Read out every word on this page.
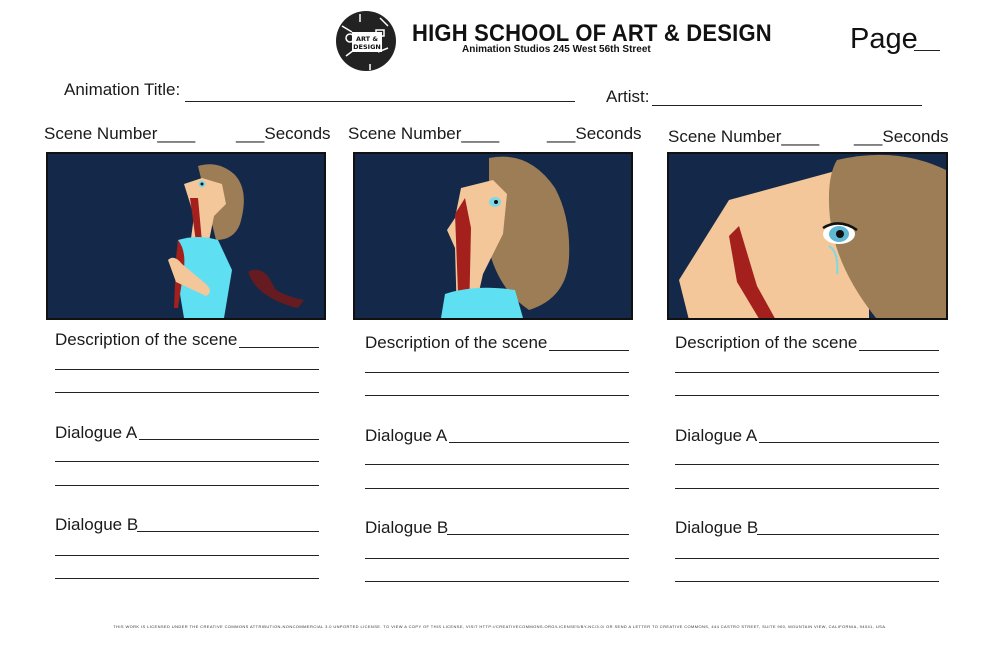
ART &
DESIGN
HIGH SCHOOL OF ART & DESIGN
Animation Studios 245 West 56th Street	Page
Animation Title:	Artist:
Scene Number____ ___Seconds
Description of the scene
Dialogue A
Dialogue B
Scene Number____	___Seconds
Description of the scene
Dialogue A
Dialogue B
Scene Number____ ___Seconds
Description of the scene
Dialogue A
Dialogue B
THIS WORK IS LICENSED UNDER THE CREATIVE COMMONS ATTRIBUTION-NONCOMMERCIAL 3.0 UNPORTED LICENSE. TO VIEW A COPY OF THIS LICENSE, VISIT HTTP://CREATIVECOMMONS.ORG/LICENSES/BY-NC/3.0/ OR SEND A LETTER TO CREATIVE COMMONS, 444 CASTRO STREET, SUITE 900, MOUNTAIN VIEW, CALIFORNIA, 94041, USA.
